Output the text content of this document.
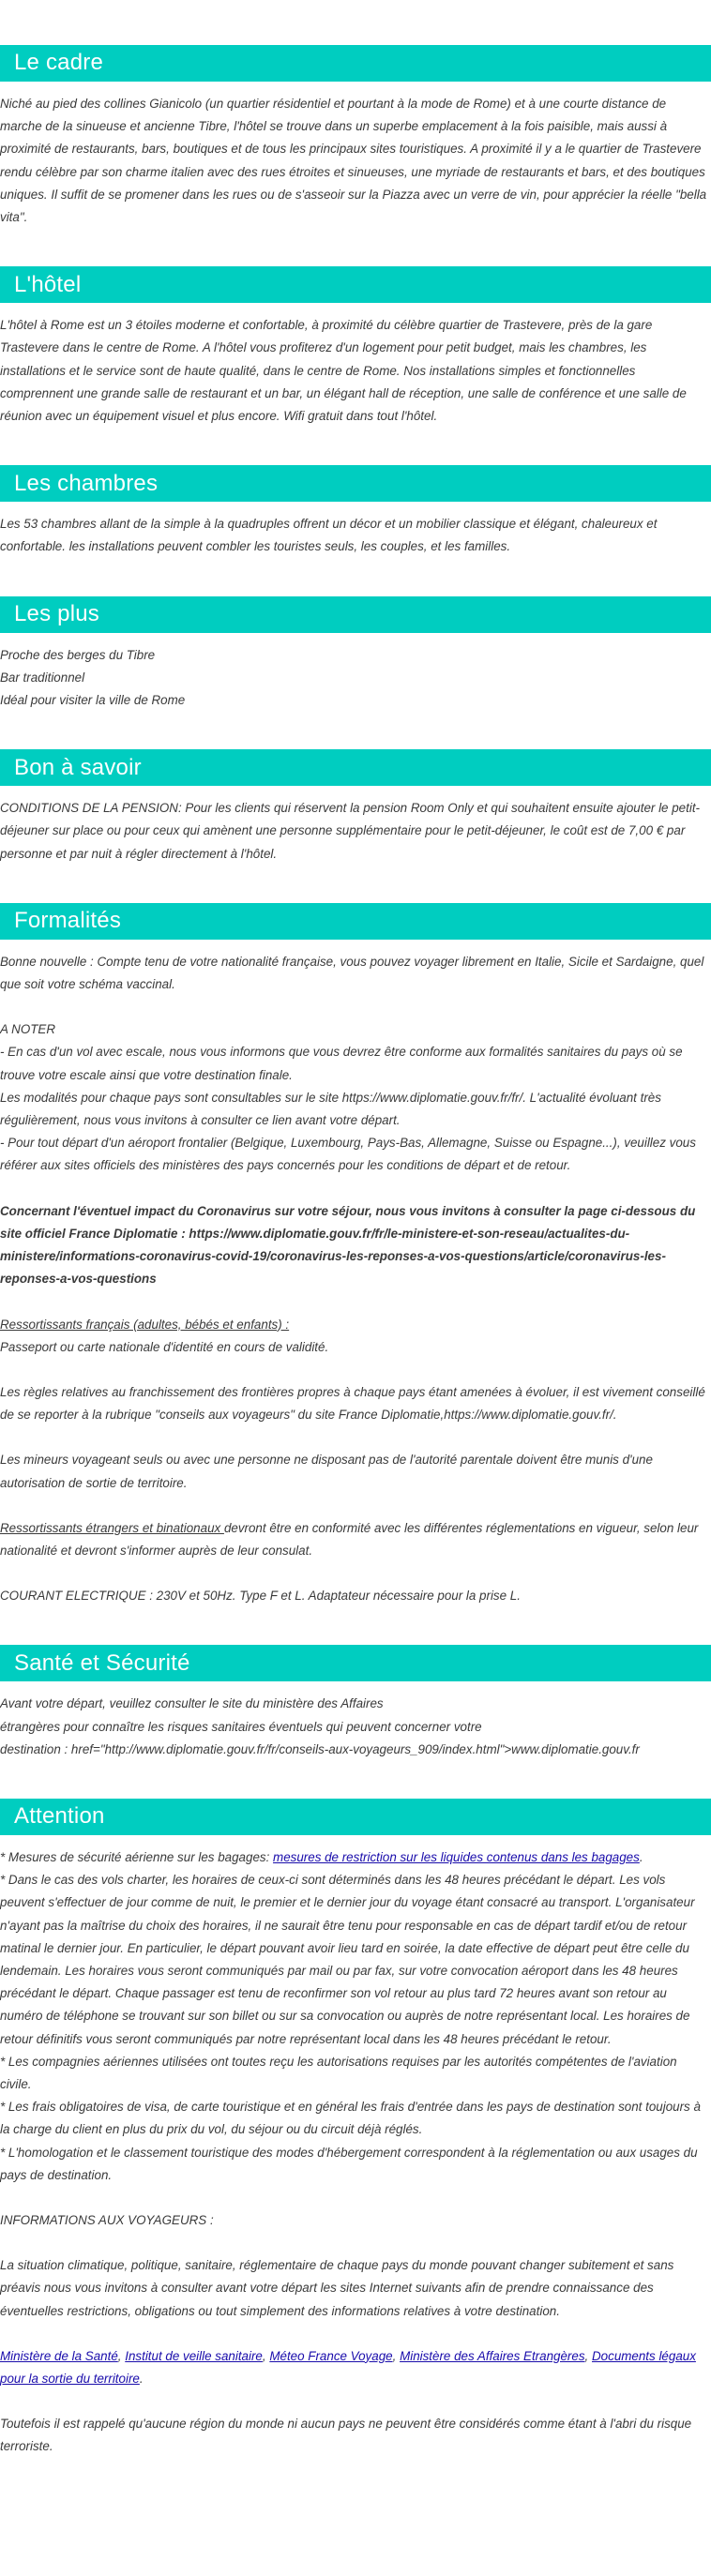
Le cadre

Niché au pied des collines Gianicolo (un quartier résidentiel et pourtant à la mode de Rome) et à une courte distance de marche de la sinueuse et ancienne Tibre, l'hôtel se trouve dans un superbe emplacement à la fois paisible, mais aussi à proximité de restaurants, bars, boutiques et de tous les principaux sites touristiques. A proximité il y a le quartier de Trastevere rendu célèbre par son charme italien avec des rues étroites et sinueuses, une myriade de restaurants et bars, et des boutiques uniques. Il suffit de se promener dans les rues ou de s'asseoir sur la Piazza avec un verre de vin, pour apprécier la réelle "bella vita".

L'hôtel

L'hôtel à Rome est un 3 étoiles moderne et confortable, à proximité du célèbre quartier de Trastevere, près de la gare Trastevere dans le centre de Rome. A l'hôtel vous profiterez d'un logement pour petit budget, mais les chambres, les installations et le service sont de haute qualité, dans le centre de Rome. Nos installations simples et fonctionnelles comprennent une grande salle de restaurant et un bar, un élégant hall de réception, une salle de conférence et une salle de réunion avec un équipement visuel et plus encore. Wifi gratuit dans tout l'hôtel.

Les chambres

Les 53 chambres allant de la simple à la quadruples offrent un décor et un mobilier classique et élégant, chaleureux et confortable. les installations peuvent combler les touristes seuls, les couples, et les familles.

Les plus

Proche des berges du Tibre

Bar traditionnel

Idéal pour visiter la ville de Rome

Bon à savoir

CONDITIONS DE LA PENSION: Pour les clients qui réservent la pension Room Only et qui souhaitent ensuite ajouter le petit-déjeuner sur place ou pour ceux qui amènent une personne supplémentaire pour le petit-déjeuner, le coût est de 7,00 € par personne et par nuit à régler directement à l'hôtel.

Formalités

Bonne nouvelle : Compte tenu de votre nationalité française, vous pouvez voyager librement en Italie, Sicile et Sardaigne, quel que soit votre schéma vaccinal.

A NOTER

- En cas d'un vol avec escale, nous vous informons que vous devrez être conforme aux formalités sanitaires du pays où se trouve votre escale ainsi que votre destination finale.

Les modalités pour chaque pays sont consultables sur le site https://www.diplomatie.gouv.fr/fr/. L'actualité évoluant très régulièrement, nous vous invitons à consulter ce lien avant votre départ.

- Pour tout départ d'un aéroport frontalier (Belgique, Luxembourg, Pays-Bas, Allemagne, Suisse ou Espagne...), veuillez vous référer aux sites officiels des ministères des pays concernés pour les conditions de départ et de retour.

Concernant l'éventuel impact du Coronavirus sur votre séjour, nous vous invitons à consulter la page ci-dessous du site officiel France Diplomatie : https://www.diplomatie.gouv.fr/fr/le-ministere-et-son-reseau/actualites-du-ministere/informations-coronavirus-covid-19/coronavirus-les-reponses-a-vos-questions/article/coronavirus-les-reponses-a-vos-questions

Ressortissants français (adultes, bébés et enfants) :

Passeport ou carte nationale d'identité en cours de validité.

Les règles relatives au franchissement des frontières propres à chaque pays étant amenées à évoluer, il est vivement conseillé de se reporter à la rubrique "conseils aux voyageurs" du site France Diplomatie,https://www.diplomatie.gouv.fr/.

Les mineurs voyageant seuls ou avec une personne ne disposant pas de l'autorité parentale doivent être munis d'une autorisation de sortie de territoire.

Ressortissants étrangers et binationaux devront être en conformité avec les différentes réglementations en vigueur, selon leur nationalité et devront s'informer auprès de leur consulat.

COURANT ELECTRIQUE : 230V et 50Hz. Type F et L. Adaptateur nécessaire pour la prise L.

Santé et Sécurité

Avant votre départ, veuillez consulter le site du ministère des Affaires

étrangères pour connaître les risques sanitaires éventuels qui peuvent concerner votre

destination : href="http://www.diplomatie.gouv.fr/fr/conseils-aux-voyageurs_909/index.html">www.diplomatie.gouv.fr

Attention

* Mesures de sécurité aérienne sur les bagages: mesures de restriction sur les liquides contenus dans les bagages.

* Dans le cas des vols charter, les horaires de ceux-ci sont déterminés dans les 48 heures précédant le départ. Les vols peuvent s'effectuer de jour comme de nuit, le premier et le dernier jour du voyage étant consacré au transport. L'organisateur n'ayant pas la maîtrise du choix des horaires, il ne saurait être tenu pour responsable en cas de départ tardif et/ou de retour matinal le dernier jour. En particulier, le départ pouvant avoir lieu tard en soirée, la date effective de départ peut être celle du lendemain. Les horaires vous seront communiqués par mail ou par fax, sur votre convocation aéroport dans les 48 heures précédant le départ. Chaque passager est tenu de reconfirmer son vol retour au plus tard 72 heures avant son retour au numéro de téléphone se trouvant sur son billet ou sur sa convocation ou auprès de notre représentant local. Les horaires de retour définitifs vous seront communiqués par notre représentant local dans les 48 heures précédant le retour.

* Les compagnies aériennes utilisées ont toutes reçu les autorisations requises par les autorités compétentes de l'aviation civile.

* Les frais obligatoires de visa, de carte touristique et en général les frais d'entrée dans les pays de destination sont toujours à la charge du client en plus du prix du vol, du séjour ou du circuit déjà réglés.

* L'homologation et le classement touristique des modes d'hébergement correspondent à la réglementation ou aux usages du pays de destination.

INFORMATIONS AUX VOYAGEURS :

La situation climatique, politique, sanitaire, réglementaire de chaque pays du monde pouvant changer subitement et sans préavis nous vous invitons à consulter avant votre départ les sites Internet suivants afin de prendre connaissance des éventuelles restrictions, obligations ou tout simplement des informations relatives à votre destination.

Ministère de la Santé, Institut de veille sanitaire, Méteo France Voyage, Ministère des Affaires Etrangères, Documents légaux pour la sortie du territoire.

Toutefois il est rappelé qu'aucune région du monde ni aucun pays ne peuvent être considérés comme étant à l'abri du risque terroriste.
